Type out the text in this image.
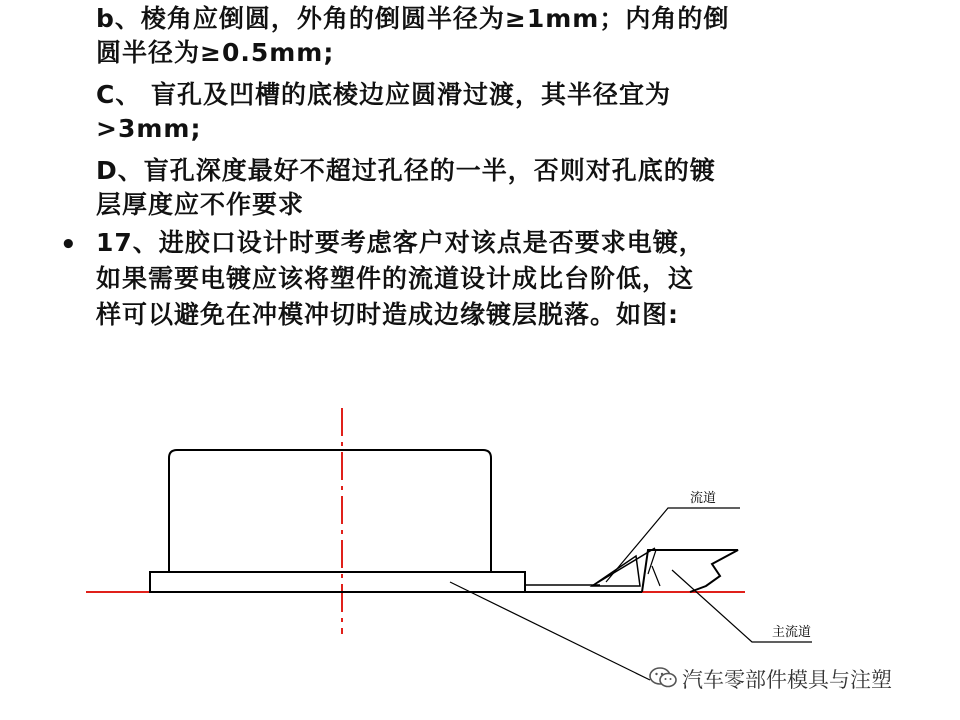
b、棱角应倒圆，外角的倒圆半径为≥1mm；内角的倒
圆半径为≥0.5mm;
C、 盲孔及凹槽的底棱边应圆滑过渡，其半径宜为
>3mm;
D、盲孔深度最好不超过孔径的一半，否则对孔底的镀
层厚度应不作要求
• 17、进胶口设计时要考虑客户对该点是否要求电镀，
如果需要电镀应该将塑件的流道设计成比台阶低，这
样可以避免在冲模冲切时造成边缘镀层脱落。如图:
流道
主流道
汽车零部件模具与注塑
